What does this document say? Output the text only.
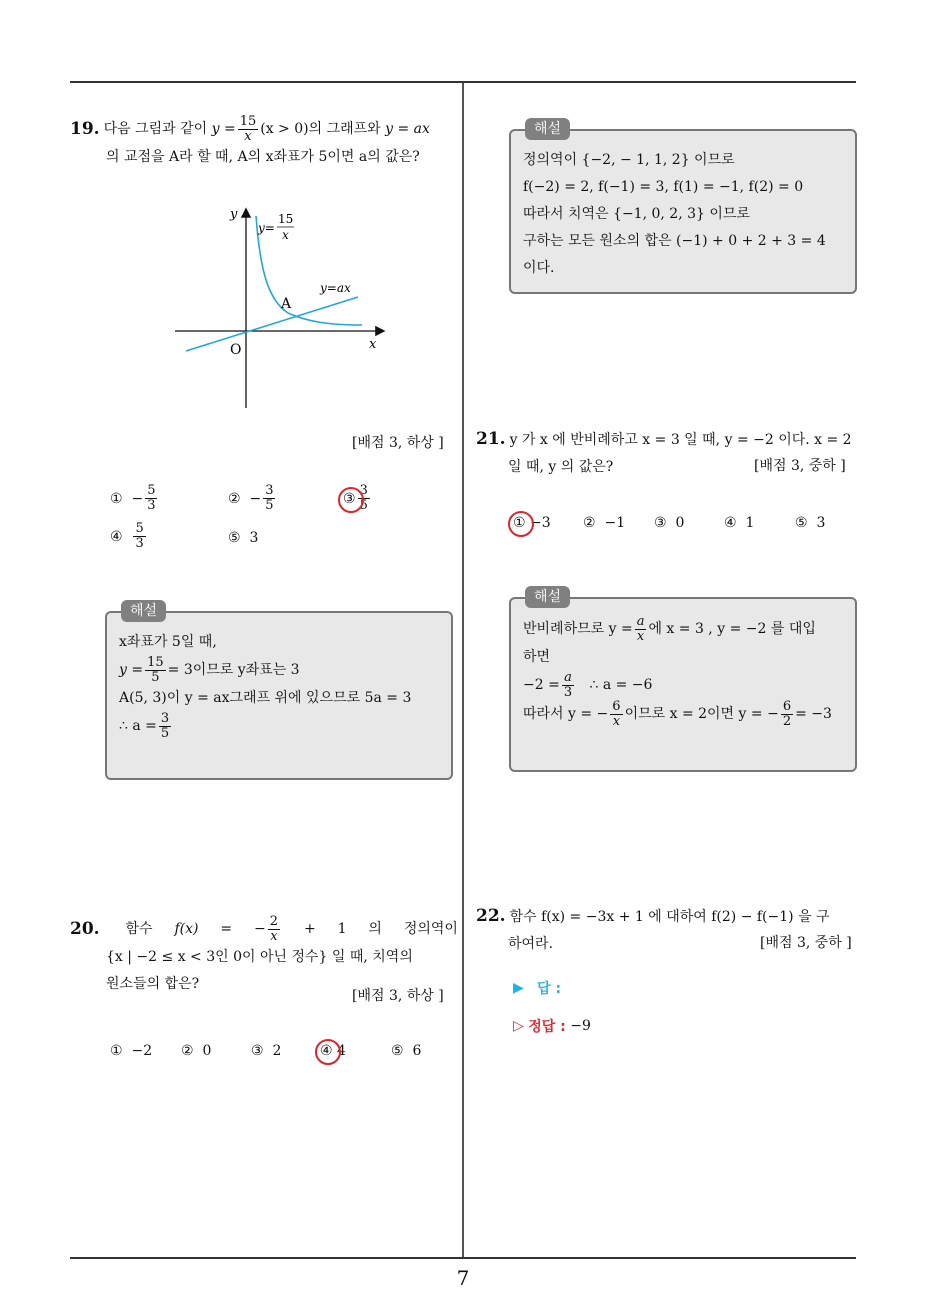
19. 다음 그림과 같이
$y = \frac{15}{x} (x > 0)$ 의 그래프와
y = ax
의 교점을 A라 할 때, A의 x좌표가 5이면 a의 값은?
y
x
O
A
y=
15
x
y=ax
[배점 3, 하상 ]
①
− $\frac{5}{3}$	②
− $\frac{3}{5}$	③ $\frac{3}{5}$
④
$\frac{5}{3}$	⑤
3
해설
x좌표가 5일 때,
$y = \frac{15}{5} = 3$이므로 y좌표는 3
A(5, 3)이 y = ax그래프 위에 있으므로 5a = 3
∴ $a = \frac{3}{5}$
20. 함수 f(x) = − $\frac{2}{x} + 1$ 의 정의역이
{x | −2 ≤ x < 3인 0이 아닌 정수} 일 때, 치역의
원소들의 합은?
[배점 3, 하상 ]
①
−2 ②
0	③
2	④
4	⑤
6
해설
정의역이 {−2, − 1, 1, 2} 이므로
f(−2) = 2, f(−1) = 3, f(1) = −1, f(2) = 0
따라서 치역은 {−1, 0, 2, 3} 이므로
구하는 모든 원소의 합은 (−1) + 0 + 2 + 3 = 4
이다.
21. y 가 x 에 반비례하고 x = 3 일 때, y = −2 이다. x = 2
일 때, y 의 값은?	[배점 3, 중하 ]
①
−3 ②
−1 ③
0	④
1	⑤
3
해설
반비례하므로 $y = \frac{a}{x}$ 에 x = 3 , y = −2 를 대입
하면
$-2 = \frac{a}{3}$
∴ a = −6
따라서 y = − $\frac{6}{x}$ 이므로 x = 2이면 y = − $\frac{6}{2} = -3$
22. 함수 f(x) = −3x + 1 에 대하여 f(2) − f(−1) 을 구
하여라.	[배점 3, 중하 ]
▶
답 :
▷
정답 :
−9
7
